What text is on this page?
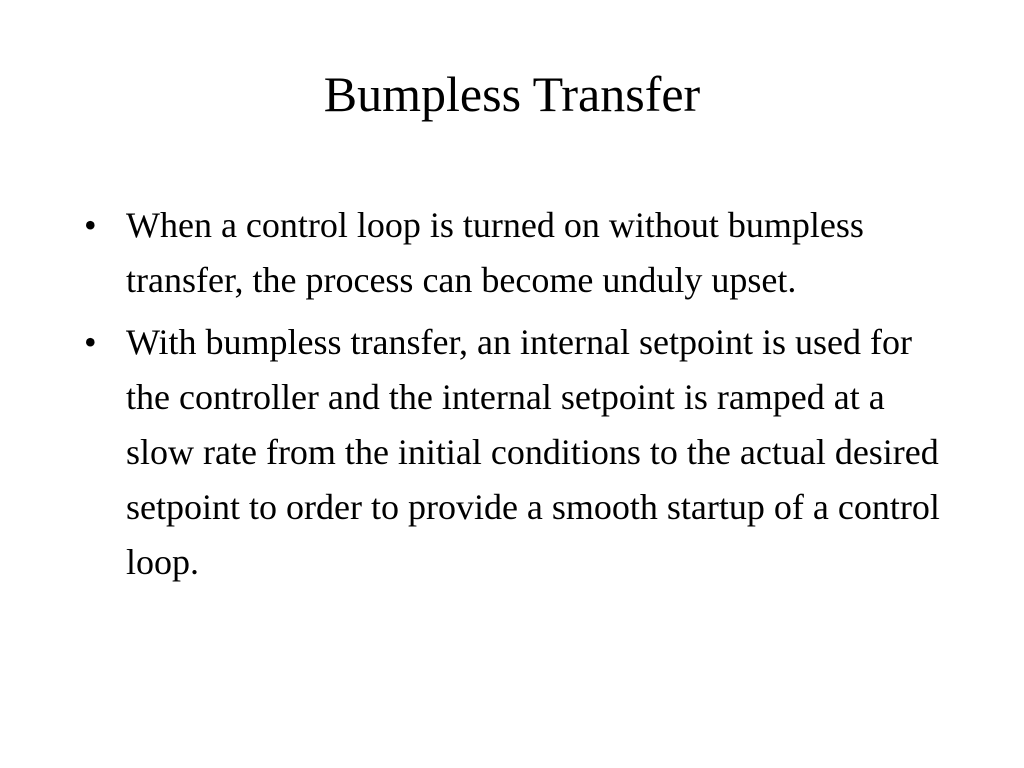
Bumpless Transfer
• When a control loop is turned on without bumpless transfer, the process can become unduly upset.
• With bumpless transfer, an internal setpoint is used for the controller and the internal setpoint is ramped at a slow rate from the initial conditions to the actual desired setpoint to order to provide a smooth startup of a control loop.
